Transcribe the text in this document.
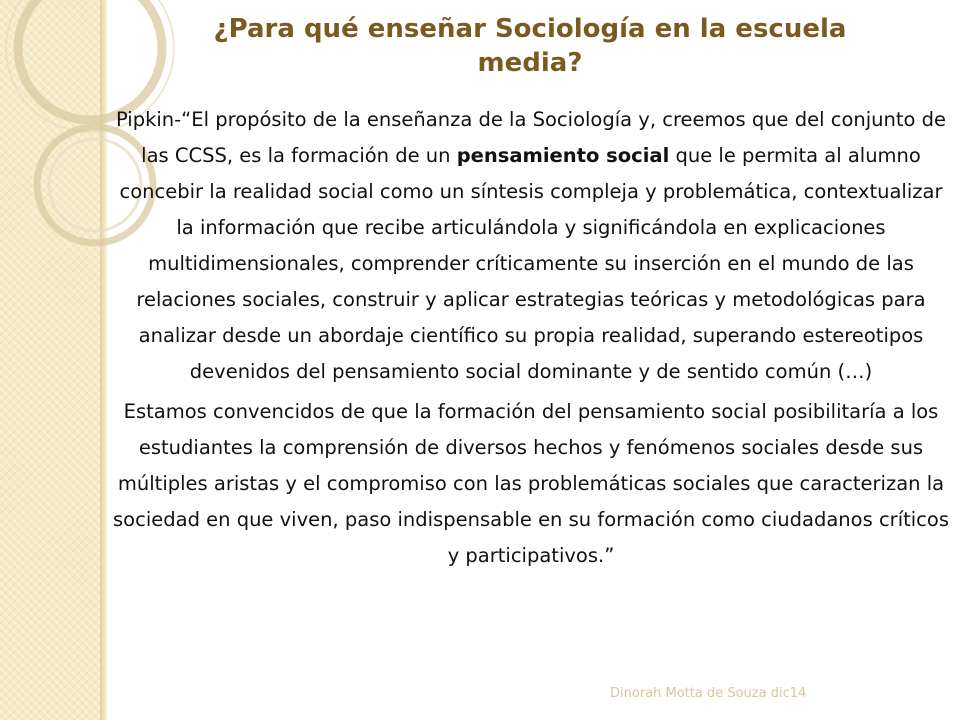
¿Para qué enseñar Sociología en la escuela media?

Pipkin-“El propósito de la enseñanza de la Sociología y, creemos que del conjunto de las CCSS, es la formación de un pensamiento social que le permita al alumno concebir la realidad social como un síntesis compleja y problemática, contextualizar la información que recibe articulándola y significándola en explicaciones multidimensionales, comprender críticamente su inserción en el mundo de las relaciones sociales, construir y aplicar estrategias teóricas y metodológicas para analizar desde un abordaje científico su propia realidad, superando estereotipos devenidos del pensamiento social dominante y de sentido común (…)

Estamos convencidos de que la formación del pensamiento social posibilitaría a los estudiantes la comprensión de diversos hechos y fenómenos sociales desde sus múltiples aristas y el compromiso con las problemáticas sociales que caracterizan la sociedad en que viven, paso indispensable en su formación como ciudadanos críticos y participativos.”

Dinorah Motta de Souza dic14
